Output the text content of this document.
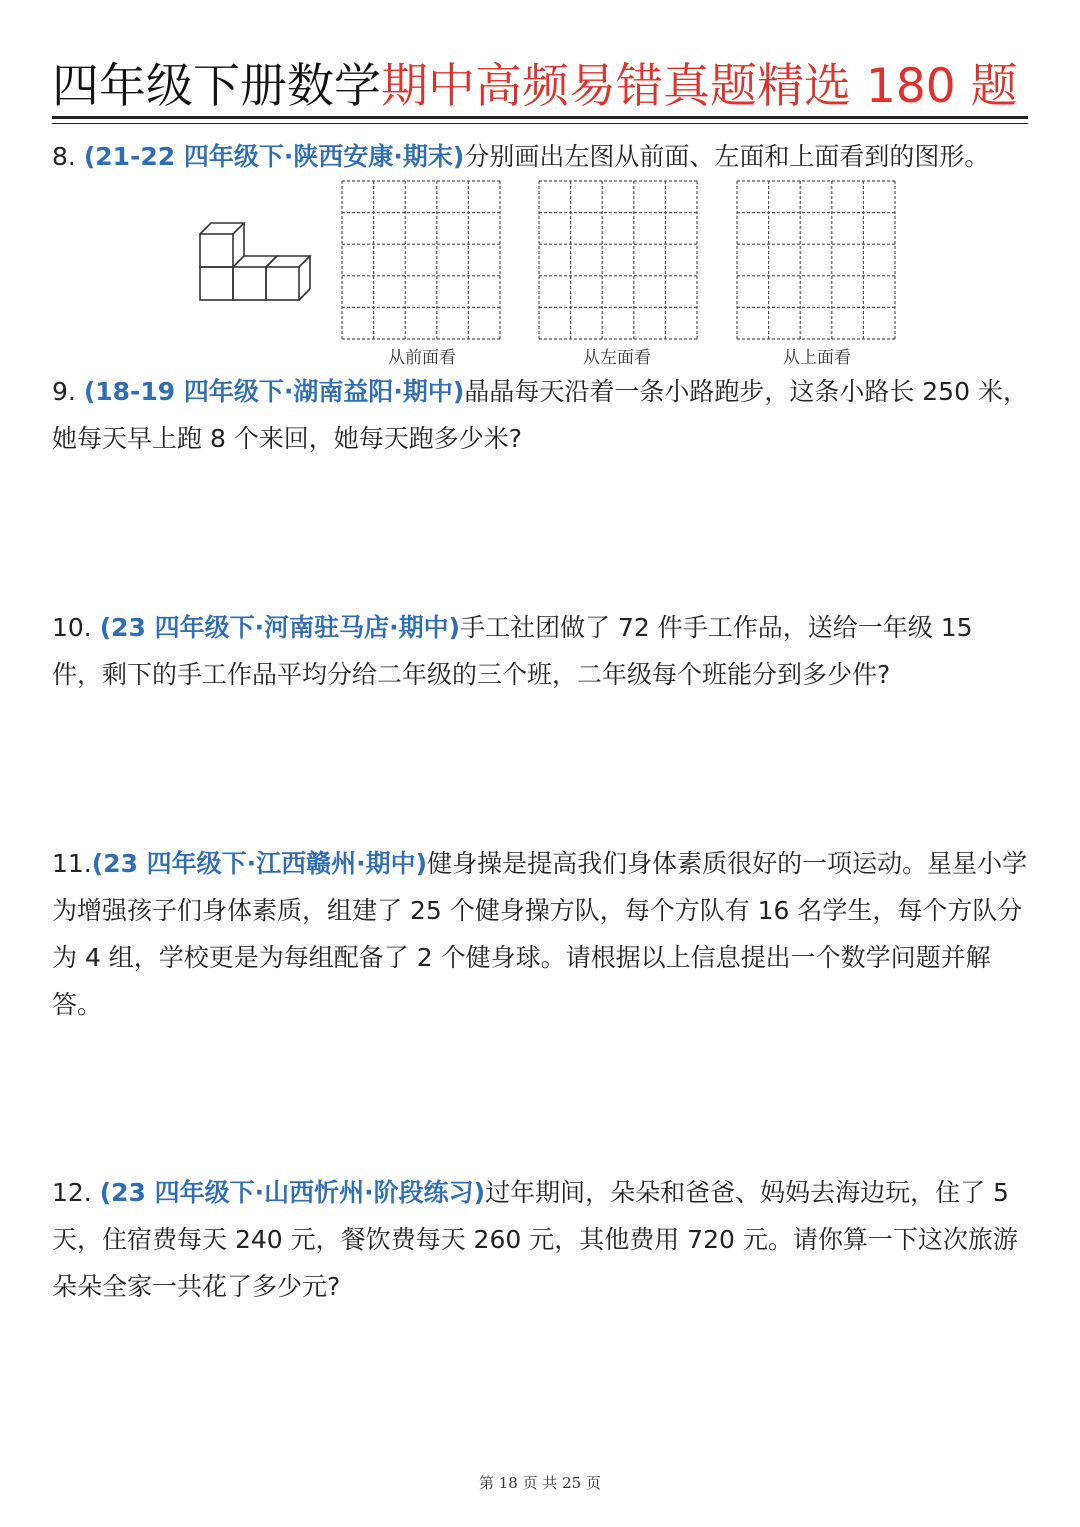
四年级下册数学期中高频易错真题精选 180 题
8. (21-22 四年级下·陕西安康·期末)分别画出左图从前面、左面和上面看到的图形。
从前面看	从左面看	从上面看
9. (18-19 四年级下·湖南益阳·期中)晶晶每天沿着一条小路跑步，这条小路长 250 米，她每天早上跑 8 个来回，她每天跑多少米?
10. (23 四年级下·河南驻马店·期中)手工社团做了 72 件手工作品，送给一年级 15 件，剩下的手工作品平均分给二年级的三个班，二年级每个班能分到多少件?
11.(23 四年级下·江西赣州·期中)健身操是提高我们身体素质很好的一项运动。星星小学为增强孩子们身体素质，组建了 25 个健身操方队，每个方队有 16 名学生，每个方队分为 4 组，学校更是为每组配备了 2 个健身球。请根据以上信息提出一个数学问题并解答。
12. (23 四年级下·山西忻州·阶段练习)过年期间，朵朵和爸爸、妈妈去海边玩，住了 5 天，住宿费每天 240 元，餐饮费每天 260 元，其他费用 720 元。请你算一下这次旅游朵朵全家一共花了多少元?
第 18 页 共 25 页
